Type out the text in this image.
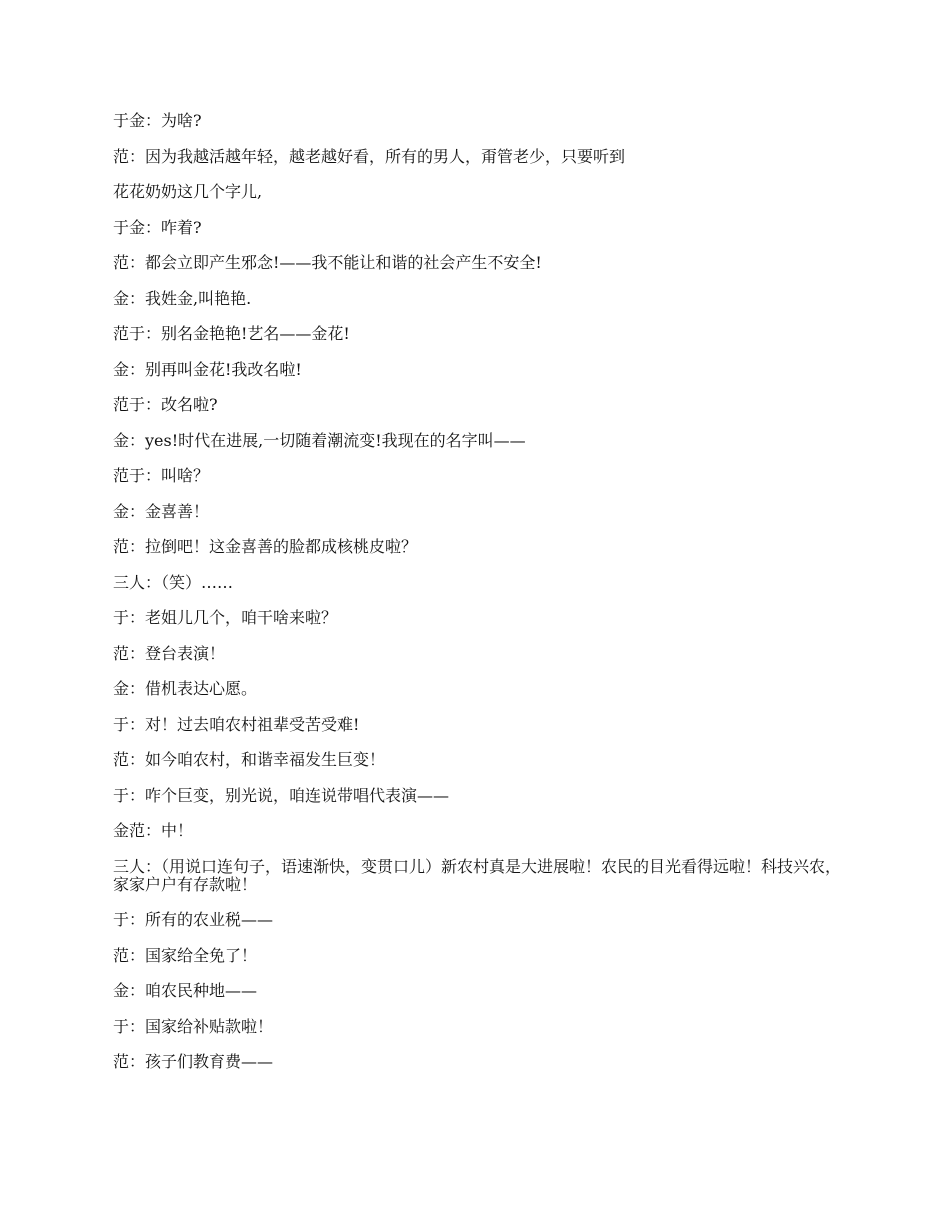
于金：为啥?
范：因为我越活越年轻，越老越好看，所有的男人，甭管老少，只要听到
花花奶奶这几个字儿,
于金：咋着?
范：都会立即产生邪念!——我不能让和谐的社会产生不安全!
金：我姓金,叫艳艳.
范于：别名金艳艳!艺名——金花!
金：别再叫金花!我改名啦!
范于：改名啦?
金：yes!时代在进展,一切随着潮流变!我现在的名字叫——
范于：叫啥？
金：金喜善！
范：拉倒吧！这金喜善的脸都成核桃皮啦？
三人：（笑）……
于：老姐儿几个，咱干啥来啦？
范：登台表演！
金：借机表达心愿。
于：对！过去咱农村祖辈受苦受难!
范：如今咱农村，和谐幸福发生巨变！
于：咋个巨变，别光说，咱连说带唱代表演——
金范：中！
三人：（用说口连句子，语速渐快，变贯口儿）新农村真是大进展啦！农民的目光看得远啦！科技兴农，家家户户有存款啦！
于：所有的农业税——
范：国家给全免了！
金：咱农民种地——
于：国家给补贴款啦！
范：孩子们教育费——
